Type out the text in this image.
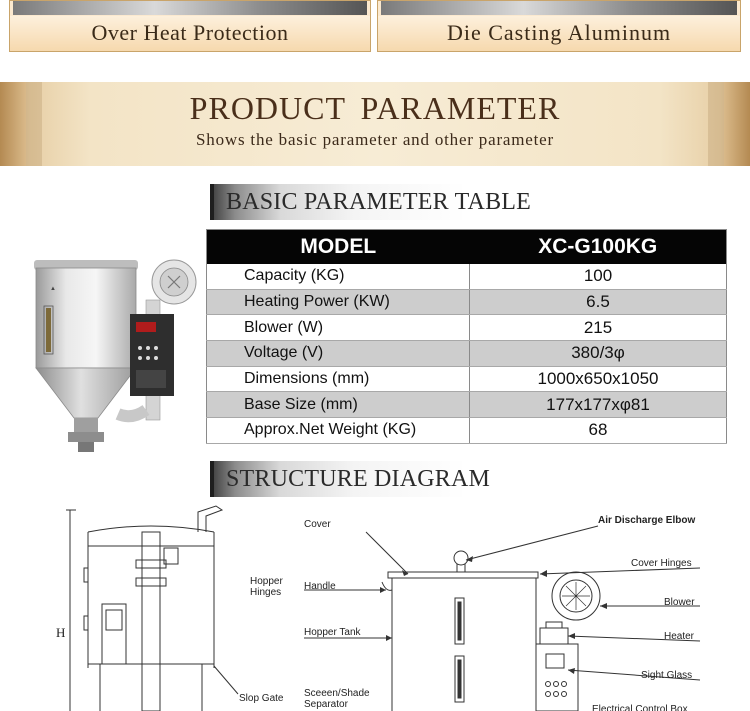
Over Heat Protection	Die Casting Aluminum
PRODUCT PARAMETER
Shows the basic parameter and other parameter
BASIC PARAMETER TABLE
▲
MODEL	XC-G100KG
Capacity (KG)	100
Heating Power (KW)	6.5
Blower (W)	215
Voltage (V)	380/3φ
Dimensions (mm)	1000x650x1050
Base Size (mm)	177x177xφ81
Approx.Net Weight (KG)	68
STRUCTURE DIAGRAM
H
Hopper
Hinges
Slop Gate
Cover
Handle
Hopper Tank
Sceeen/Shade
Separator
Air Discharge Elbow
Cover Hinges
Blower
Heater
Sight Glass
Electrical Control Box
